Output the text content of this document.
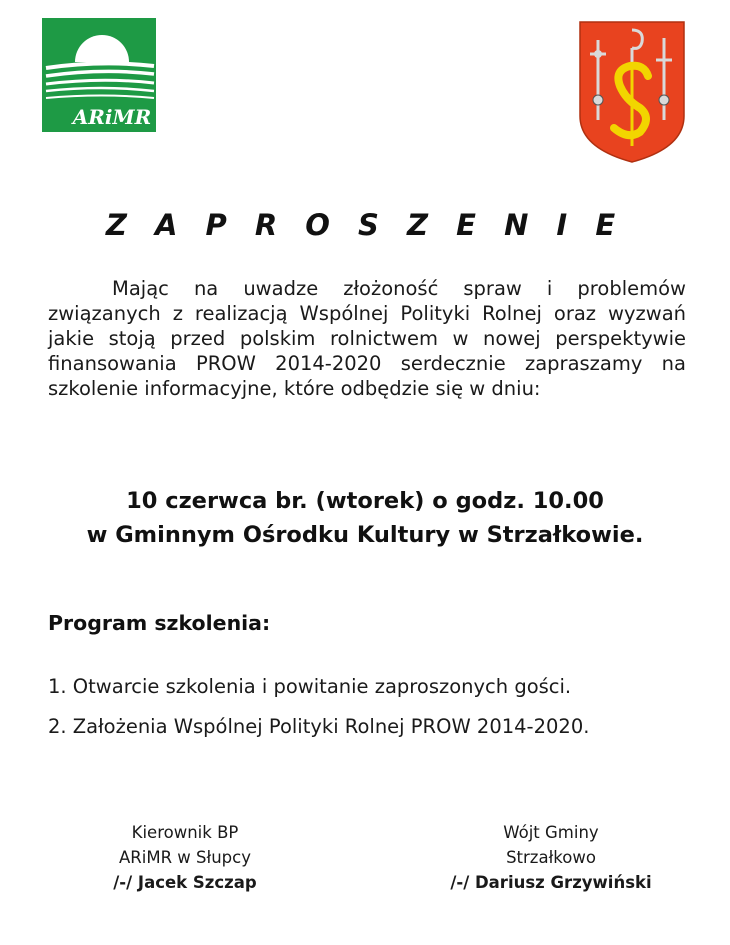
ARiMR
Z A P R O S Z E N I E
Mając na uwadze złożoność spraw i problemów związanych z realizacją Wspólnej Polityki Rolnej oraz wyzwań jakie stoją przed polskim rolnictwem w nowej perspektywie finansowania PROW 2014-2020 serdecznie zapraszamy na szkolenie informacyjne, które odbędzie się w dniu:
10 czerwca br. (wtorek) o godz. 10.00
w Gminnym Ośrodku Kultury w Strzałkowie.
Program szkolenia:
1. Otwarcie szkolenia i powitanie zaproszonych gości.
2. Założenia Wspólnej Polityki Rolnej PROW 2014-2020.
Kierownik BP
ARiMR w Słupcy
/-/ Jacek Szczap
Wójt Gminy
Strzałkowo
/-/ Dariusz Grzywiński
